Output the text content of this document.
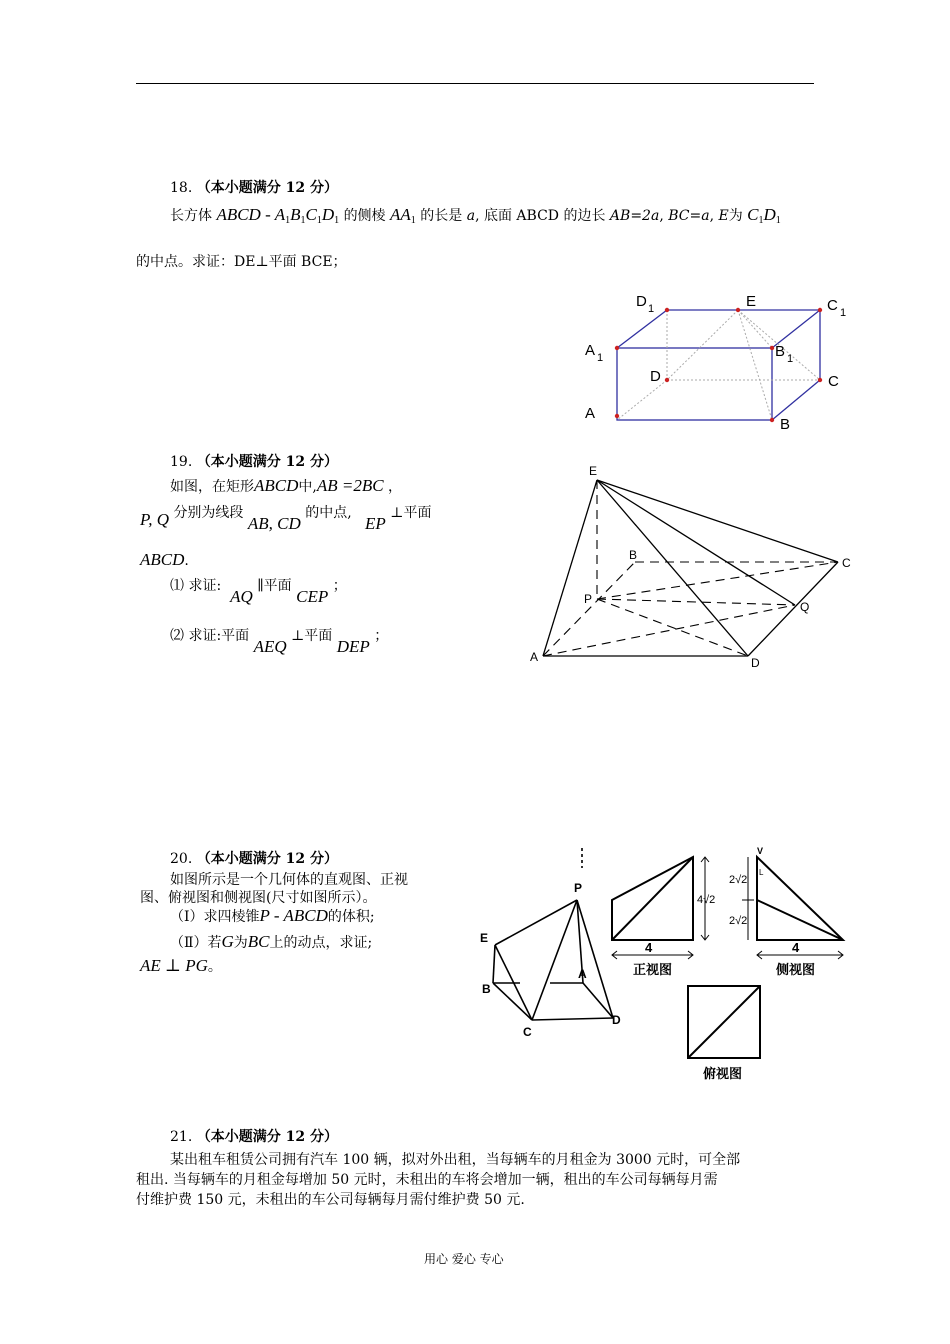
18. （本小题满分 12 分）
长方体 ABCD - $A_1B_1C_1D_1$ 的侧棱 $AA_1$ 的长是 a, 底面 ABCD 的边长 AB=2a, BC=a, E为 $C_1D_1$
的中点。求证：DE⊥平面 BCE；
D 1	E	C 1
A 1	B 1
D	C
A
B
19. （本小题满分 12 分）
如图，在矩形ABCD中,AB =2BC ，
P, Q 分别为线段 AB, CD 的中点,   EP ⊥平面
ABCD.
⑴ 求证:  AQ ∥平面 CEP ；
⑵ 求证:平面 AEQ ⊥平面 DEP ；
E
B
C
P
Q
A	D
20. （本小题满分 12 分）
如图所示是一个几何体的直观图、正视
图、俯视图和侧视图(尺寸如图所示）。
（Ⅰ）求四棱锥P - ABCD的体积;
（Ⅱ）若G为BC上的动点，求证;
AE ⊥ PG。
P
E
A
B
C
D
4
4√2
正视图
2√2
2√2
V
L
4
侧视图
俯视图
21. （本小题满分 12 分）
某出租车租赁公司拥有汽车 100 辆，拟对外出租，当每辆车的月租金为 3000 元时，可全部
租出. 当每辆车的月租金每增加 50 元时，未租出的车将会增加一辆，租出的车公司每辆每月需
付维护费 150 元，未租出的车公司每辆每月需付维护费 50 元.
用心 爱心 专心
